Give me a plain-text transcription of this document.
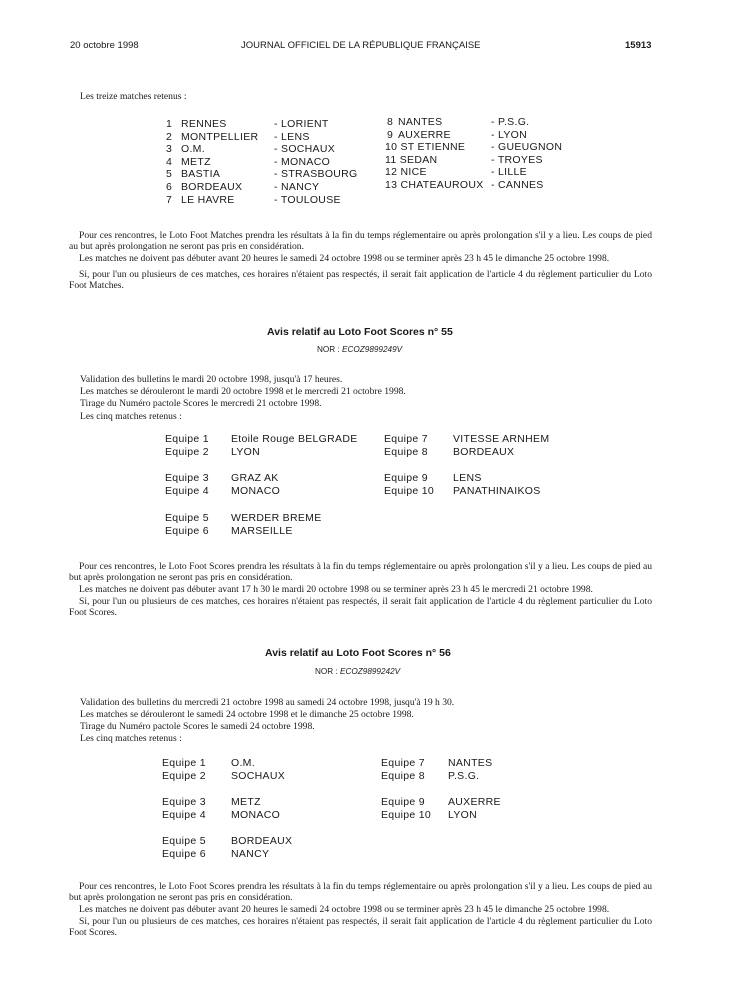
20 octobre 1998	JOURNAL OFFICIEL DE LA RÉPUBLIQUE FRANÇAISE	15913
Les treize matches retenus :
1
2
3
4
5
6
7
RENNES
MONTPELLIER
O.M.
METZ
BASTIA
BORDEAUX
LE HAVRE
- LORIENT
- LENS
- SOCHAUX
- MONACO
- STRASBOURG
- NANCY
- TOULOUSE
8
9
NANTES
AUXERRE
10 ST ETIENNE
11 SEDAN
12 NICE
13 CHATEAUROUX
- P.S.G.
- LYON
- GUEUGNON
- TROYES
- LILLE
- CANNES
Pour ces rencontres, le Loto Foot Matches prendra les résultats à la fin du temps réglementaire ou après prolongation s'il y a lieu. Les coups de pied au but après prolongation ne seront pas pris en considération.
Les matches ne doivent pas débuter avant 20 heures le samedi 24 octobre 1998 ou se terminer après 23 h 45 le dimanche 25 octobre 1998.
Si, pour l'un ou plusieurs de ces matches, ces horaires n'étaient pas respectés, il serait fait application de l'article 4 du règlement particulier du Loto Foot Matches.
Avis relatif au Loto Foot Scores n° 55
NOR : ECOZ9899249V
Validation des bulletins le mardi 20 octobre 1998, jusqu'à 17 heures.
Les matches se dérouleront le mardi 20 octobre 1998 et le mercredi 21 octobre 1998.
Tirage du Numéro pactole Scores le mercredi 21 octobre 1998.
Les cinq matches retenus :
Equipe 1
Equipe 2
Etoile Rouge BELGRADE
LYON
Equipe 3
Equipe 4
GRAZ AK
MONACO
Equipe 5
Equipe 6
WERDER BREME
MARSEILLE
Equipe 7
Equipe 8
VITESSE ARNHEM
BORDEAUX
Equipe 9
Equipe 10
LENS
PANATHINAIKOS
Pour ces rencontres, le Loto Foot Scores prendra les résultats à la fin du temps réglementaire ou après prolongation s'il y a lieu. Les coups de pied au but après prolongation ne seront pas pris en considération.
Les matches ne doivent pas débuter avant 17 h 30 le mardi 20 octobre 1998 ou se terminer après 23 h 45 le mercredi 21 octobre 1998.
Si, pour l'un ou plusieurs de ces matches, ces horaires n'étaient pas respectés, il serait fait application de l'article 4 du règlement particulier du Loto Foot Scores.
Avis relatif au Loto Foot Scores n° 56
NOR : ECOZ9899242V
Validation des bulletins du mercredi 21 octobre 1998 au samedi 24 octobre 1998, jusqu'à 19 h 30.
Les matches se dérouleront le samedi 24 octobre 1998 et le dimanche 25 octobre 1998.
Tirage du Numéro pactole Scores le samedi 24 octobre 1998.
Les cinq matches retenus :
Equipe 1
Equipe 2
O.M.
SOCHAUX
Equipe 3
Equipe 4
METZ
MONACO
Equipe 5
Equipe 6
BORDEAUX
NANCY
Equipe 7
Equipe 8
NANTES
P.S.G.
Equipe 9
Equipe 10
AUXERRE
LYON
Pour ces rencontres, le Loto Foot Scores prendra les résultats à la fin du temps réglementaire ou après prolongation s'il y a lieu. Les coups de pied au but après prolongation ne seront pas pris en considération.
Les matches ne doivent pas débuter avant 20 heures le samedi 24 octobre 1998 ou se terminer après 23 h 45 le dimanche 25 octobre 1998.
Si, pour l'un ou plusieurs de ces matches, ces horaires n'étaient pas respectés, il serait fait application de l'article 4 du règlement particulier du Loto Foot Scores.
